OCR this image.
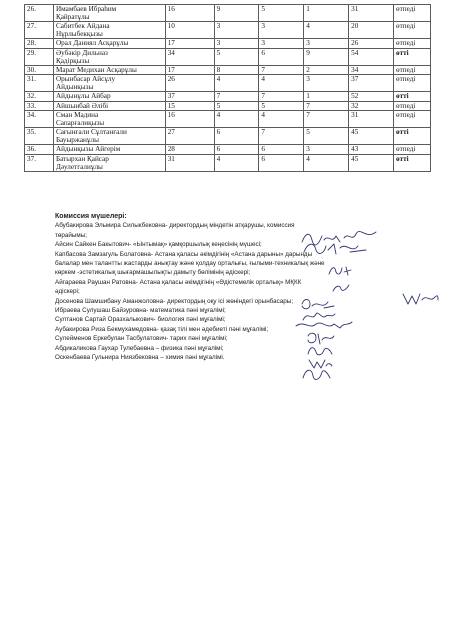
26.	Имамбаев Ибраһим
Қайратұлы	16	9	5	1	31	өтпеді
27.	Сабитбек Айдана
Нұрлыбекқызы	10	3	3	4	20	өтпеді
28.	Орал Даниял Асқарұлы	17	3	3	3	26	өтпеді
29.	Әубәкір Дильназ
Қадірқызы	34	5	6	9	54	өтті
30.	Марат Медихан Асқарұлы	17	8	7	2	34	өтпеді
31.	Орынбасар Айсұлу
Айдынқызы	26	4	4	3	37	өтпеді
32.	Айдынұлы Айбар	37	7	7	1	52	өтті
33.	Айшынбай Әлібі	15	5	5	7	32	өтпеді
34.	Сман Мадина
Сапарғалиқызы	16	4	4	7	31	өтпеді
35.	Сағынғали Сұлтанғали
Бауыржанұлы	27	6	7	5	45	өтті
36.	Айдынқызы Айгерім	28	6	6	3	43	өтпеді
37.	Батырхан Қайсар
Дәулетгалиұлы	31	4	6	4	45	өтті

Комиссия мүшелері:

Абубакирова Эльмира Силыкбековна- директордың міндетін атқарушы, комиссия

төрайымы;

Айсин Сайкен Бакытович- «Ынтымақ» қамқоршылық кеңесінің мүшесі;

Капбасова Замзагуль Болатовна- Астана қаласы әкімдігінің «Астана дарыны» дарынды

балалар мен талантты жастарды анықтау және қолдау орталығы, ғылыми-техникалық және

көркем -эстетикалық шығармашылықты дамыту бөлімінің әдіскері;

Айгараева Раушан Ратовна- Астана қаласы әкімдігінің «Әдістемелік орталық» МҚКК

әдіскері;

Досенова Шамшибану Аманжоловна- директордың оқу ісі жөніндегі орынбасары;

Ибраева Сулушаш Байзуровна- математика пәні мұғалімі;

Султанов Сартай Оразхалыкович- биология пәні мұғалімі;

Аубакирова Риза Бекмухамедовна- қазақ тілі мен әдебиеті пәні мұғалімі;

Сулейменов Еркебулан Тасбулатович- тарих пәні мұғалімі;

Абдикаликова Гаухар Тулебаевна – физика пәні мұғалімі;

Оскенбаева Гульнира Ниязбековна – химия пәні мұғалімі.
